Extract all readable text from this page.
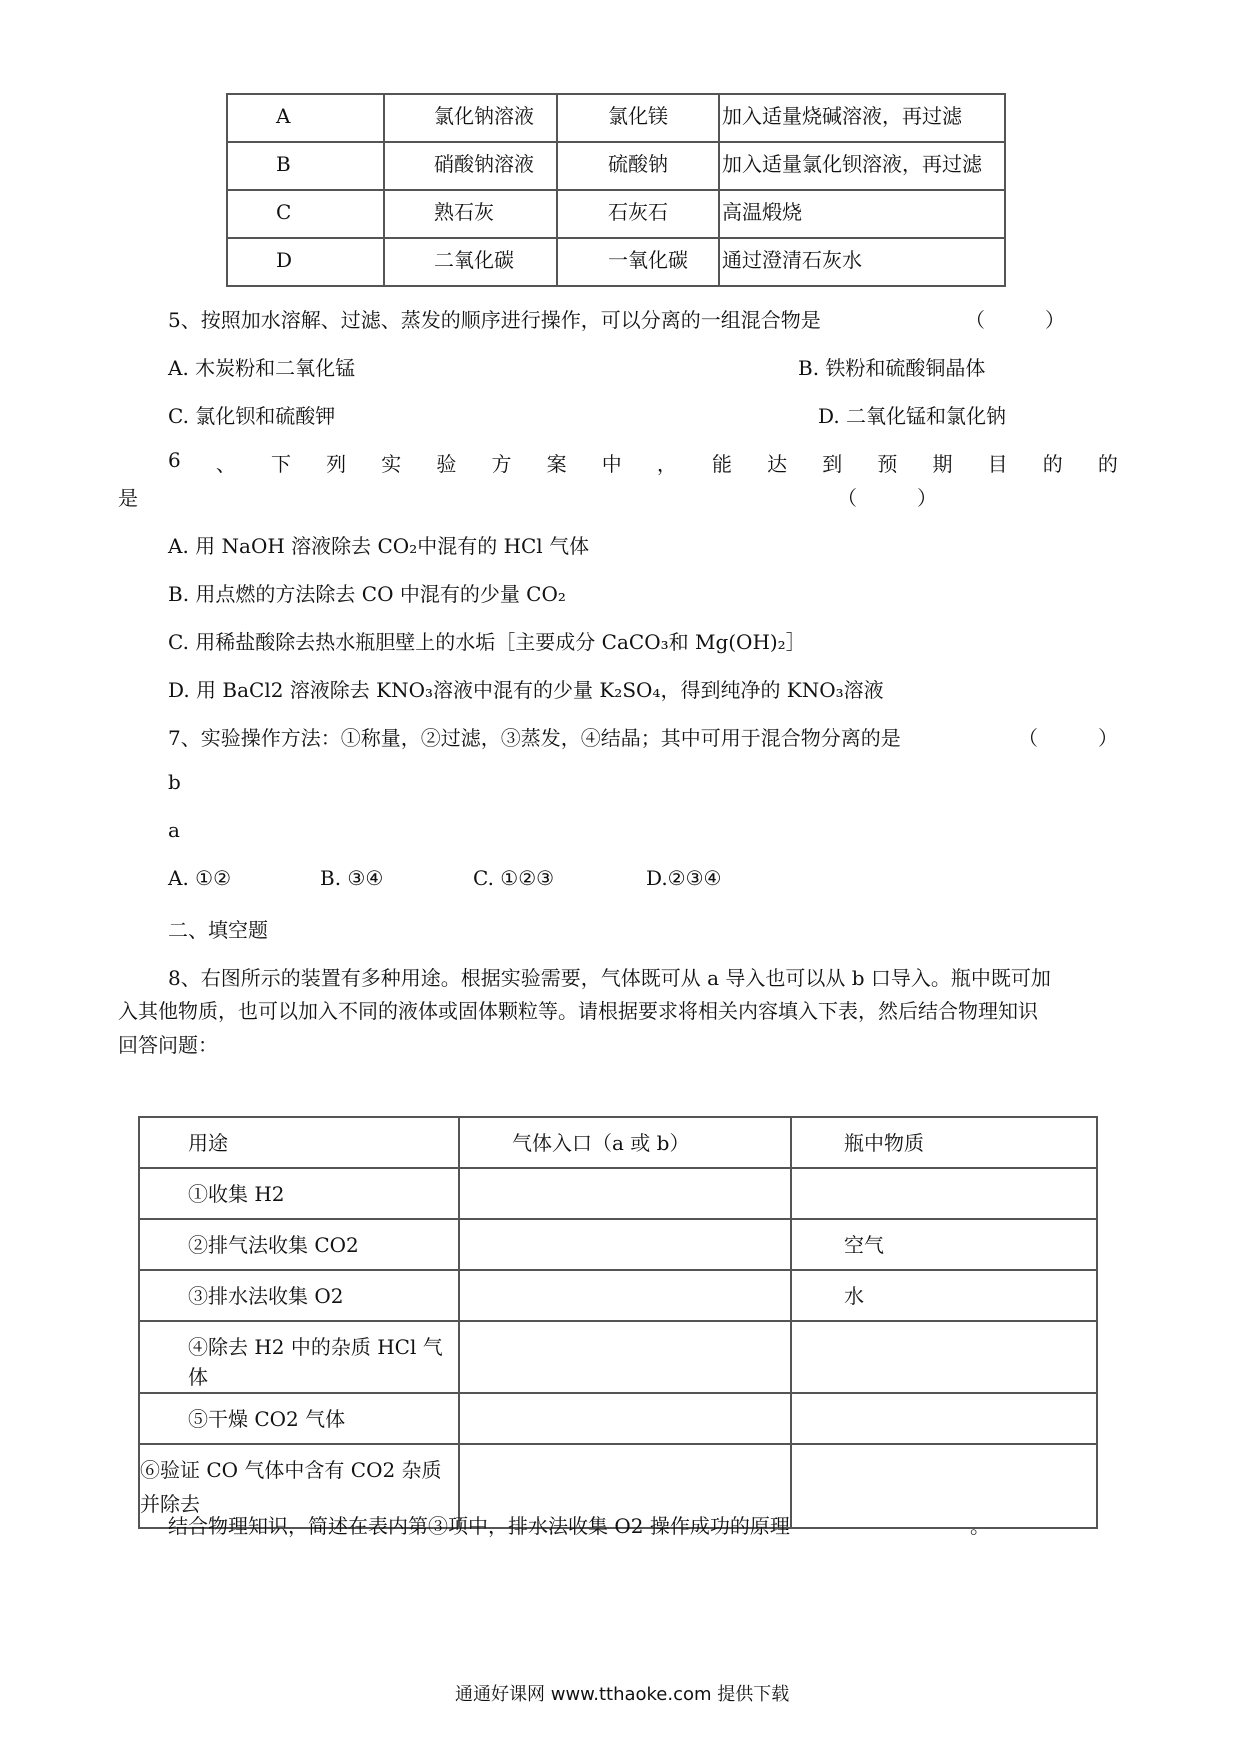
A	氯化钠溶液	氯化镁	加入适量烧碱溶液，再过滤
B	硝酸钠溶液	硫酸钠	加入适量氯化钡溶液，再过滤
C	熟石灰	石灰石	高温煅烧
D	二氧化碳	一氧化碳	通过澄清石灰水
5、按照加水溶解、过滤、蒸发的顺序进行操作，可以分离的一组混合物是	（　　　）
A. 木炭粉和二氧化锰	B. 铁粉和硫酸铜晶体
C. 氯化钡和硫酸钾	D. 二氧化锰和氯化钠
6 、 下 列 实 验 方 案 中 ， 能 达 到 预 期 目 的 的
是	（　　　）
A. 用 NaOH 溶液除去 CO₂中混有的 HCl 气体
B. 用点燃的方法除去 CO 中混有的少量 CO₂
C. 用稀盐酸除去热水瓶胆壁上的水垢［主要成分 CaCO₃和 Mg(OH)₂］
D. 用 BaCl2 溶液除去 KNO₃溶液中混有的少量 K₂SO₄，得到纯净的 KNO₃溶液
7、实验操作方法：①称量，②过滤，③蒸发，④结晶；其中可用于混合物分离的是	（　　　）
b
a
A. ①②	B. ③④	C. ①②③	D.②③④
二、填空题
8、右图所示的装置有多种用途。根据实验需要，气体既可从 a 导入也可以从 b 口导入。瓶中既可加
入其他物质，也可以加入不同的液体或固体颗粒等。请根据要求将相关内容填入下表，然后结合物理知识
回答问题：
用途	气体入口（a 或 b）	瓶中物质
①收集 H2		
②排气法收集 CO2		空气
③排水法收集 O2		水
④除去 H2 中的杂质 HCl 气体		
⑤干燥 CO2 气体		
⑥验证 CO 气体中含有 CO2 杂质并除去		
结合物理知识，简述在表内第③项中，排水法收集 O2 操作成功的原理	。
通通好课网 www.tthaoke.com 提供下载
